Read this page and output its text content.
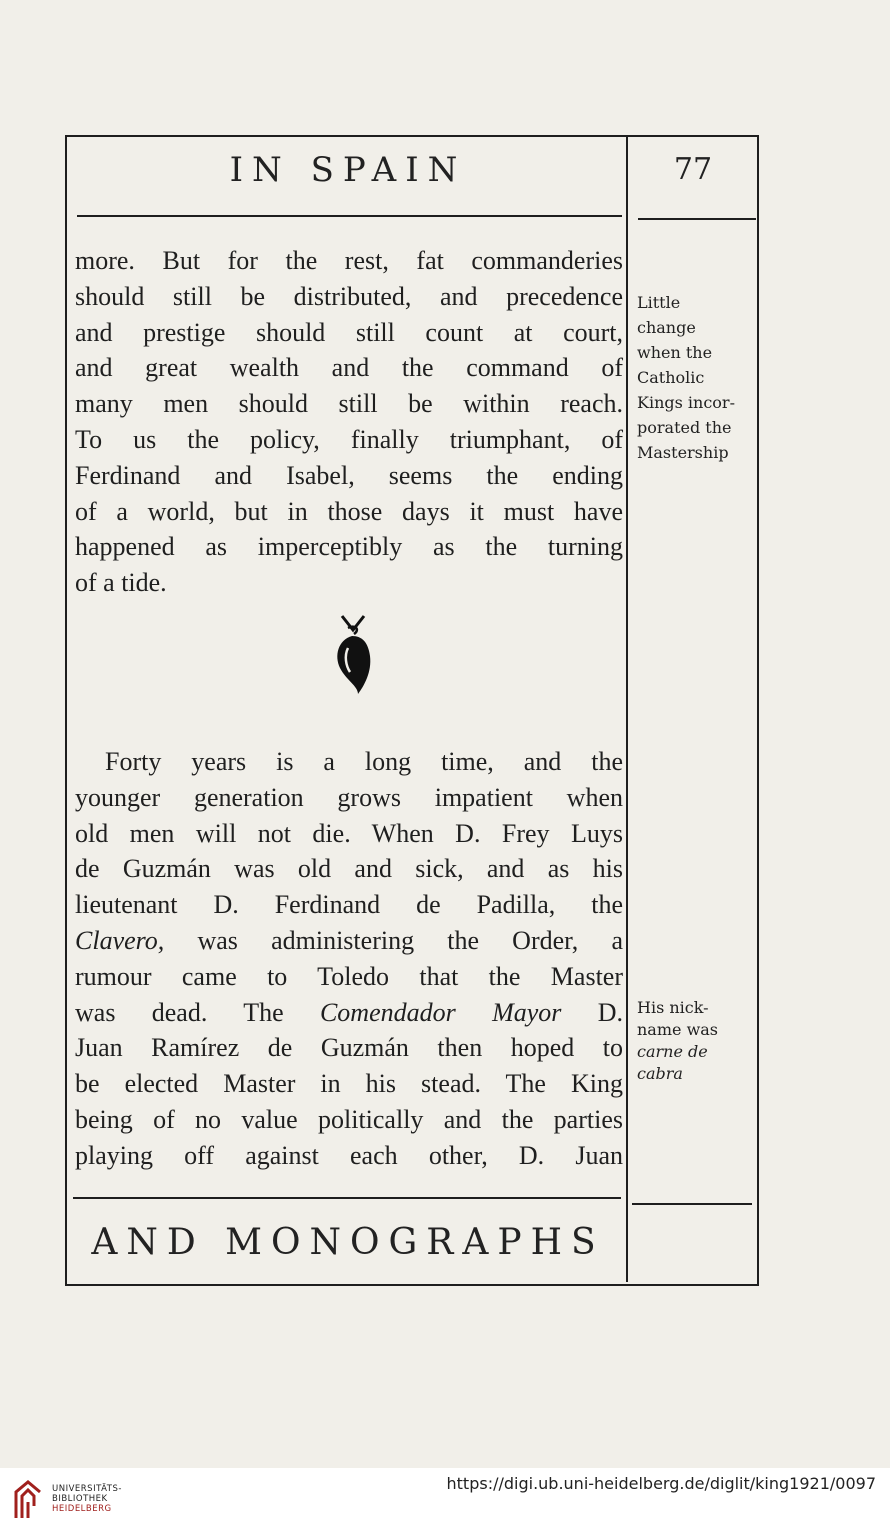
IN SPAIN	77
more. But for the rest, fat commanderies
should still be distributed, and precedence
and prestige should still count at court,
and great wealth and the command of
many men should still be within reach.
To us the policy, finally triumphant, of
Ferdinand and Isabel, seems the ending
of a world, but in those days it must have
happened as imperceptibly as the turning
of a tide.
Forty years is a long time, and the
younger generation grows impatient when
old men will not die. When D. Frey Luys
de Guzmán was old and sick, and as his
lieutenant D. Ferdinand de Padilla, the
Clavero, was administering the Order, a
rumour came to Toledo that the Master
was dead. The Comendador Mayor D.
Juan Ramírez de Guzmán then hoped to
be elected Master in his stead. The King
being of no value politically and the parties
playing off against each other, D. Juan
Little
change
when the
Catholic
Kings incor-
porated the
Mastership
His nick-
name was
carne de
cabra
AND MONOGRAPHS
UNIVERSITÄTS-
BIBLIOTHEK
HEIDELBERG
https://digi.ub.uni-heidelberg.de/diglit/king1921/0097
